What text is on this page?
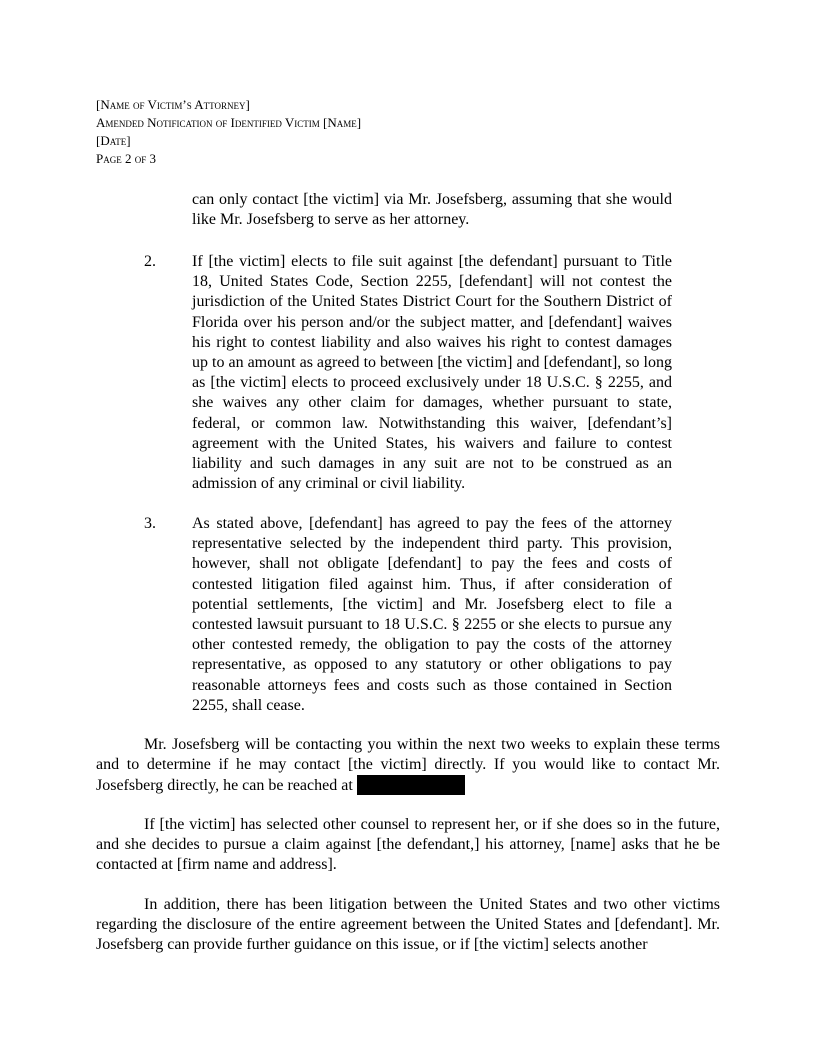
[Name of Victim’s Attorney]
Amended Notification of Identified Victim [Name]
[Date]
Page 2 of 3
can only contact [the victim] via Mr. Josefsberg, assuming that she would like Mr. Josefsberg to serve as her attorney.
2. If [the victim] elects to file suit against [the defendant] pursuant to Title 18, United States Code, Section 2255, [defendant] will not contest the jurisdiction of the United States District Court for the Southern District of Florida over his person and/or the subject matter, and [defendant] waives his right to contest liability and also waives his right to contest damages up to an amount as agreed to between [the victim] and [defendant], so long as [the victim] elects to proceed exclusively under 18 U.S.C. § 2255, and she waives any other claim for damages, whether pursuant to state, federal, or common law. Notwithstanding this waiver, [defendant’s] agreement with the United States, his waivers and failure to contest liability and such damages in any suit are not to be construed as an admission of any criminal or civil liability.
3. As stated above, [defendant] has agreed to pay the fees of the attorney representative selected by the independent third party. This provision, however, shall not obligate [defendant] to pay the fees and costs of contested litigation filed against him. Thus, if after consideration of potential settlements, [the victim] and Mr. Josefsberg elect to file a contested lawsuit pursuant to 18 U.S.C. § 2255 or she elects to pursue any other contested remedy, the obligation to pay the costs of the attorney representative, as opposed to any statutory or other obligations to pay reasonable attorneys fees and costs such as those contained in Section 2255, shall cease.
Mr. Josefsberg will be contacting you within the next two weeks to explain these terms and to determine if he may contact [the victim] directly. If you would like to contact Mr. Josefsberg directly, he can be reached at
If [the victim] has selected other counsel to represent her, or if she does so in the future, and she decides to pursue a claim against [the defendant,] his attorney, [name] asks that he be contacted at [firm name and address].
In addition, there has been litigation between the United States and two other victims regarding the disclosure of the entire agreement between the United States and [defendant]. Mr. Josefsberg can provide further guidance on this issue, or if [the victim] selects another
